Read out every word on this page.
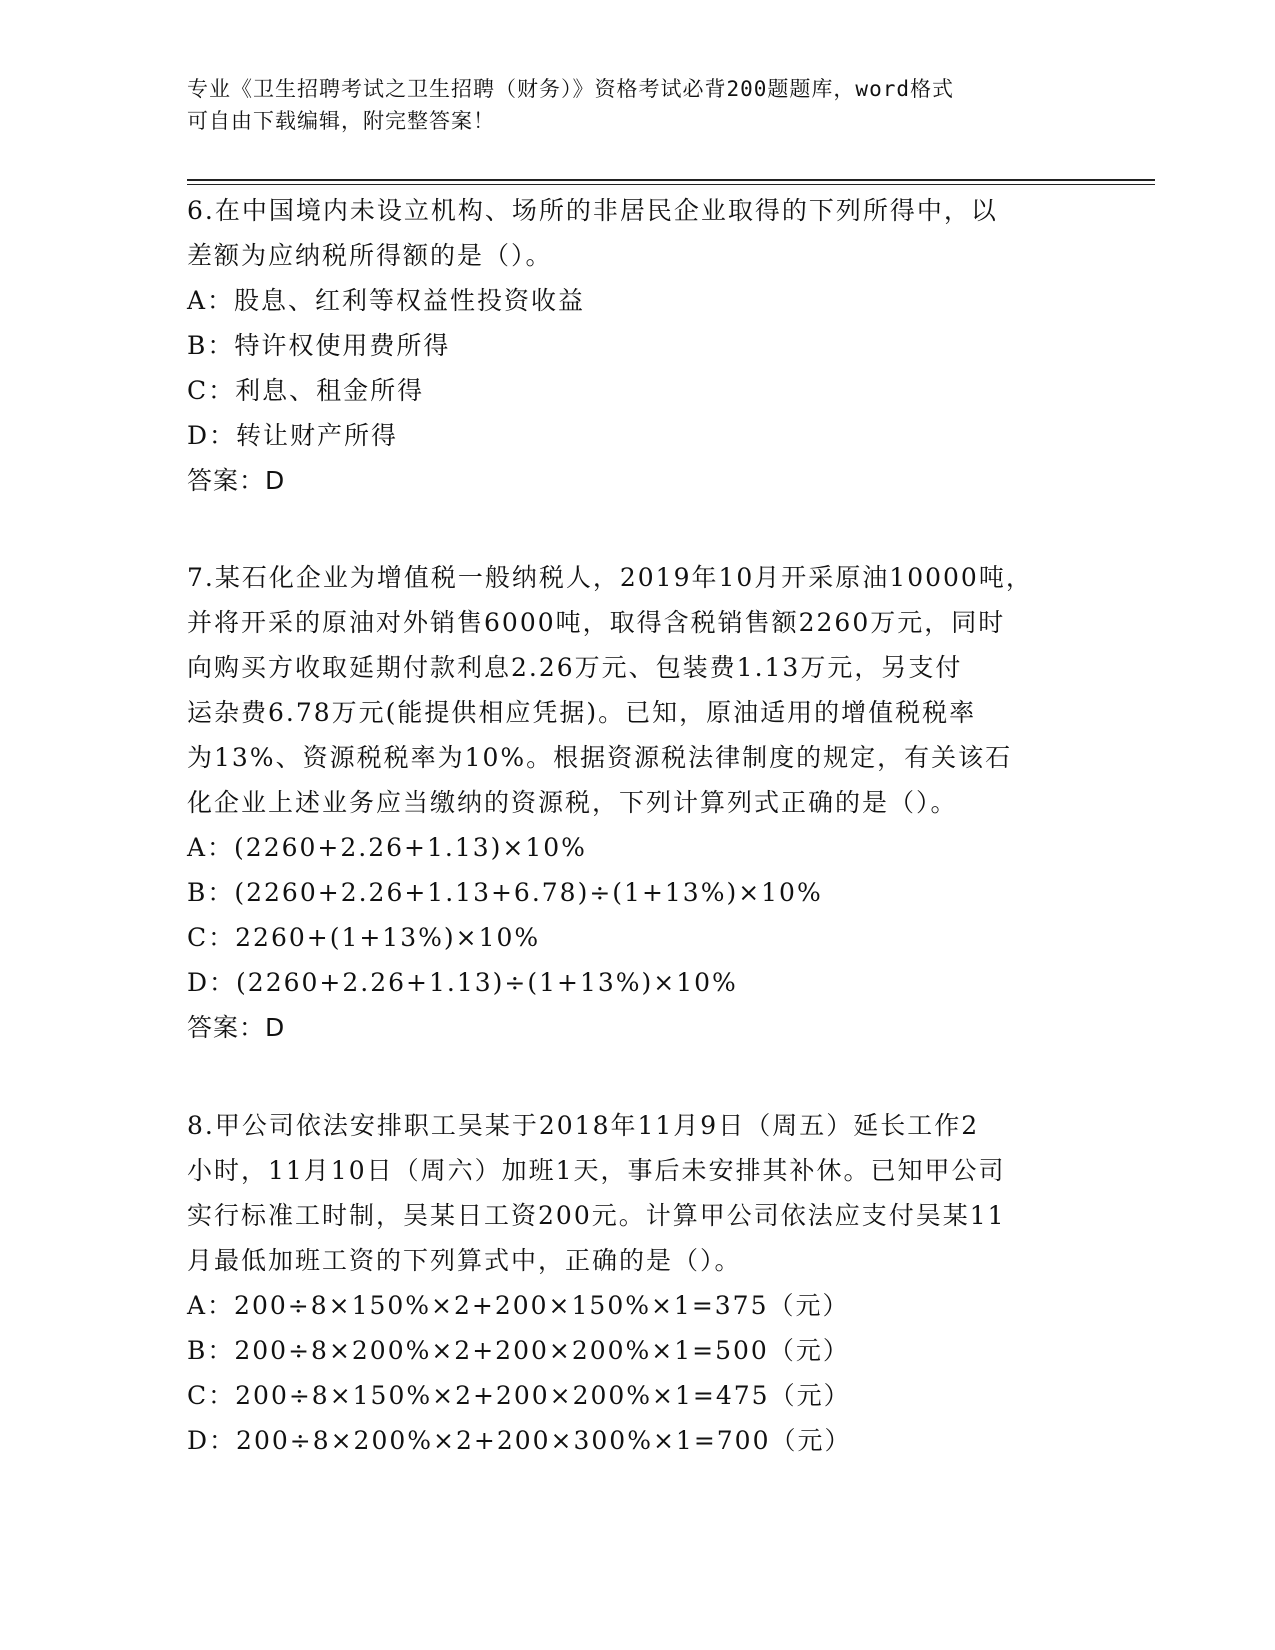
专业《卫生招聘考试之卫生招聘（财务）》资格考试必背200题题库，word格式
可自由下载编辑，附完整答案！
6.在中国境内未设立机构、场所的非居民企业取得的下列所得中，以
差额为应纳税所得额的是（）。
A：股息、红利等权益性投资收益
B：特许权使用费所得
C：利息、租金所得
D：转让财产所得
答案：D
7.某石化企业为增值税一般纳税人，2019年10月开采原油10000吨，
并将开采的原油对外销售6000吨，取得含税销售额2260万元，同时
向购买方收取延期付款利息2.26万元、包装费1.13万元，另支付
运杂费6.78万元(能提供相应凭据)。已知，原油适用的增值税税率
为13%、资源税税率为10%。根据资源税法律制度的规定，有关该石
化企业上述业务应当缴纳的资源税，下列计算列式正确的是（）。
A：(2260+2.26+1.13)×10%
B：(2260+2.26+1.13+6.78)÷(1+13%)×10%
C：2260+(1+13%)×10%
D：(2260+2.26+1.13)÷(1+13%)×10%
答案：D
8.甲公司依法安排职工吴某于2018年11月9日（周五）延长工作2
小时，11月10日（周六）加班1天，事后未安排其补休。已知甲公司
实行标准工时制，吴某日工资200元。计算甲公司依法应支付吴某11
月最低加班工资的下列算式中，正确的是（）。
A：200÷8×150%×2+200×150%×1=375（元）
B：200÷8×200%×2+200×200%×1=500（元）
C：200÷8×150%×2+200×200%×1=475（元）
D：200÷8×200%×2+200×300%×1=700（元）
